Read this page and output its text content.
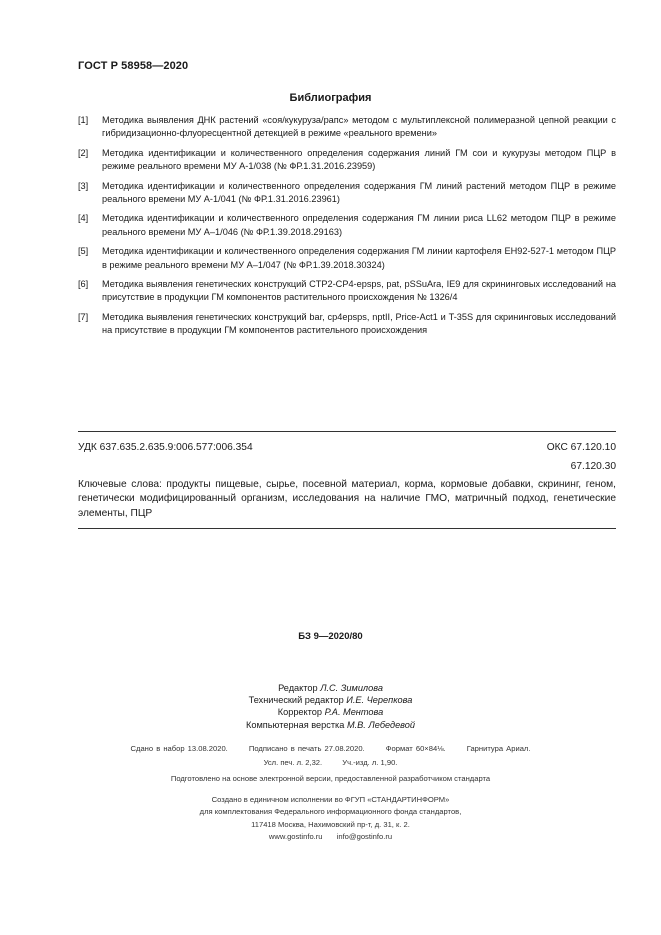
ГОСТ Р 58958—2020
Библиография
[1]	Методика выявления ДНК растений «соя/кукуруза/рапс» методом с мультиплексной полимеразной цепной реакции с гибридизационно-флуоресцентной детекцией в режиме «реального времени»
[2]	Методика идентификации и количественного определения содержания линий ГМ сои и кукурузы методом ПЦР в режиме реального времени МУ А-1/038 (№ ФР.1.31.2016.23959)
[3]	Методика идентификации и количественного определения содержания ГМ линий растений методом ПЦР в режиме реального времени МУ А-1/041 (№ ФР.1.31.2016.23961)
[4]	Методика идентификации и количественного определения содержания ГМ линии риса LL62 методом ПЦР в режиме реального времени МУ А–1/046 (№ ФР.1.39.2018.29163)
[5]	Методика идентификации и количественного определения содержания ГМ линии картофеля ЕН92-527-1 методом ПЦР в режиме реального времени МУ А–1/047 (№ ФР.1.39.2018.30324)
[6]	Методика выявления генетических конструкций CTP2-CP4-epsps, pat, pSSuAra, IE9 для скрининговых исследований на присутствие в продукции ГМ компонентов растительного происхождения № 1326/4
[7]	Методика выявления генетических конструкций bar, cp4epsps, nptII, Price-Act1 и T-35S для скрининговых исследований на присутствие в продукции ГМ компонентов растительного происхождения
УДК 637.635.2.635.9:006.577:006.354	ОКС 67.120.10
67.120.30
Ключевые слова: продукты пищевые, сырье, посевной материал, корма, кормовые добавки, скрининг, геном, генетически модифицированный организм, исследования на наличие ГМО, матричный подход, генетические элементы, ПЦР
БЗ 9—2020/80
Редактор Л.С. Зимилова
Технический редактор И.Е. Черепкова
Корректор Р.А. Ментова
Компьютерная верстка М.В. Лебедевой
Сдано в набор 13.08.2020.	Подписано в печать 27.08.2020.	Формат 60×84⅛.	Гарнитура Ариал.
Усл. печ. л. 2,32.	Уч.-изд. л. 1,90.
Подготовлено на основе электронной версии, предоставленной разработчиком стандарта
Создано в единичном исполнении во ФГУП «СТАНДАРТИНФОРМ»
для комплектования Федерального информационного фонда стандартов,
117418 Москва, Нахимовский пр-т, д. 31, к. 2.
www.gostinfo.ru info@gostinfo.ru
